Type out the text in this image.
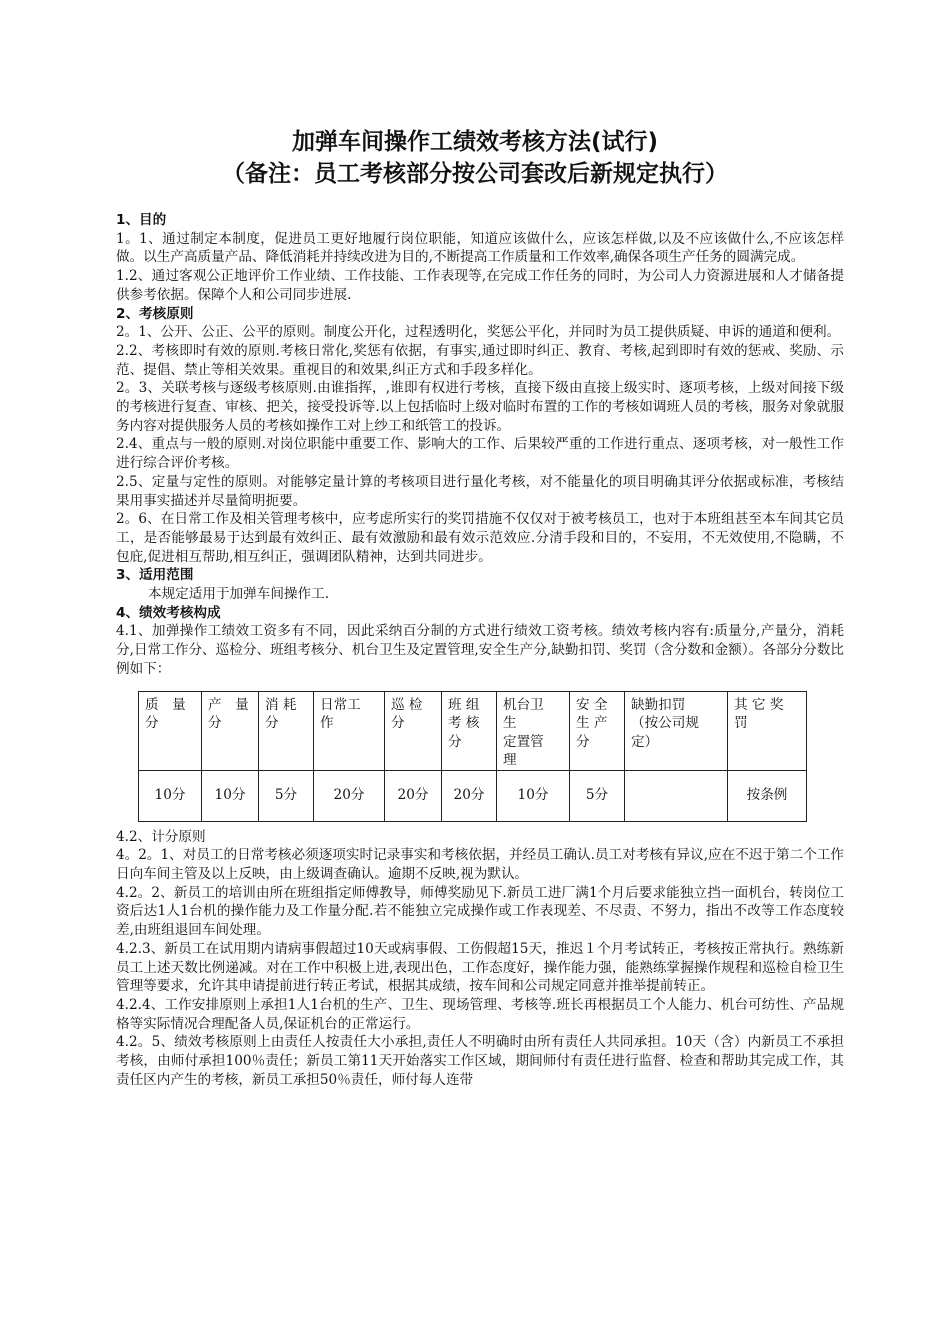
加弹车间操作工绩效考核方法(试行)
（备注：员工考核部分按公司套改后新规定执行）

1、目的

1。1、通过制定本制度，促进员工更好地履行岗位职能，知道应该做什么，应该怎样做,以及不应该做什么,不应该怎样做。以生产高质量产品、降低消耗并持续改进为目的,不断提高工作质量和工作效率,确保各项生产任务的圆满完成。

1.2、通过客观公正地评价工作业绩、工作技能、工作表现等,在完成工作任务的同时，为公司人力资源进展和人才储备提供参考依据。保障个人和公司同步进展.

2、考核原则

2。1、公开、公正、公平的原则。制度公开化，过程透明化，奖惩公平化，并同时为员工提供质疑、申诉的通道和便利。

2.2、考核即时有效的原则.考核日常化,奖惩有依据，有事实,通过即时纠正、教育、考核,起到即时有效的惩戒、奖励、示范、提倡、禁止等相关效果。重视目的和效果,纠正方式和手段多样化。

2。3、关联考核与逐级考核原则.由谁指挥，,谁即有权进行考核，直接下级由直接上级实时、逐项考核，上级对间接下级的考核进行复查、审核、把关，接受投诉等.以上包括临时上级对临时布置的工作的考核如调班人员的考核，服务对象就服务内容对提供服务人员的考核如操作工对上纱工和纸管工的投诉。

2.4、重点与一般的原则.对岗位职能中重要工作、影响大的工作、后果较严重的工作进行重点、逐项考核，对一般性工作进行综合评价考核。

2.5、定量与定性的原则。对能够定量计算的考核项目进行量化考核，对不能量化的项目明确其评分依据或标准，考核结果用事实描述并尽量简明扼要。

2。6、在日常工作及相关管理考核中，应考虑所实行的奖罚措施不仅仅对于被考核员工，也对于本班组甚至本车间其它员工，是否能够最易于达到最有效纠正、最有效激励和最有效示范效应.分清手段和目的，不妄用，不无效使用,不隐瞒，不包庇,促进相互帮助,相互纠正，强调团队精神，达到共同进步。

3、适用范围

本规定适用于加弹车间操作工.

4、绩效考核构成

4.1、加弹操作工绩效工资多有不同，因此采纳百分制的方式进行绩效工资考核。绩效考核内容有:质量分,产量分，消耗分,日常工作分、巡检分、班组考核分、机台卫生及定置管理,安全生产分,缺勤扣罚、奖罚（含分数和金额）。各部分分数比例如下：

质　量
分	产　量
分	消 耗
分	日常工
作	巡 检
分	班 组
考 核
分	机台卫
生
定置管
理	安 全
生 产
分	缺勤扣罚
（按公司规
定）	其 它 奖
罚
10分	10分	5分	20分	20分	20分	10分	5分		按条例

4.2、计分原则

4。2。1、对员工的日常考核必须逐项实时记录事实和考核依据，并经员工确认.员工对考核有异议,应在不迟于第二个工作日向车间主管及以上反映，由上级调查确认。逾期不反映,视为默认。

4.2。2、新员工的培训由所在班组指定师傅教导，师傅奖励见下.新员工进厂满1个月后要求能独立挡一面机台，转岗位工资后达1人1台机的操作能力及工作量分配.若不能独立完成操作或工作表现差、不尽责、不努力，指出不改等工作态度较差,由班组退回车间处理。

4.2.3、新员工在试用期内请病事假超过10天或病事假、工伤假超15天，推迟１个月考试转正，考核按正常执行。熟练新员工上述天数比例递减。对在工作中积极上进,表现出色，工作态度好，操作能力强，能熟练掌握操作规程和巡检自检卫生管理等要求，允许其申请提前进行转正考试，根据其成绩，按车间和公司规定同意并推举提前转正。

4.2.4、工作安排原则上承担1人1台机的生产、卫生、现场管理、考核等.班长再根据员工个人能力、机台可纺性、产品规格等实际情况合理配备人员,保证机台的正常运行。

4.2。5、绩效考核原则上由责任人按责任大小承担,责任人不明确时由所有责任人共同承担。10天（含）内新员工不承担考核，由师付承担100％责任；新员工第11天开始落实工作区域，期间师付有责任进行监督、检查和帮助其完成工作，其责任区内产生的考核，新员工承担50％责任，师付每人连带
